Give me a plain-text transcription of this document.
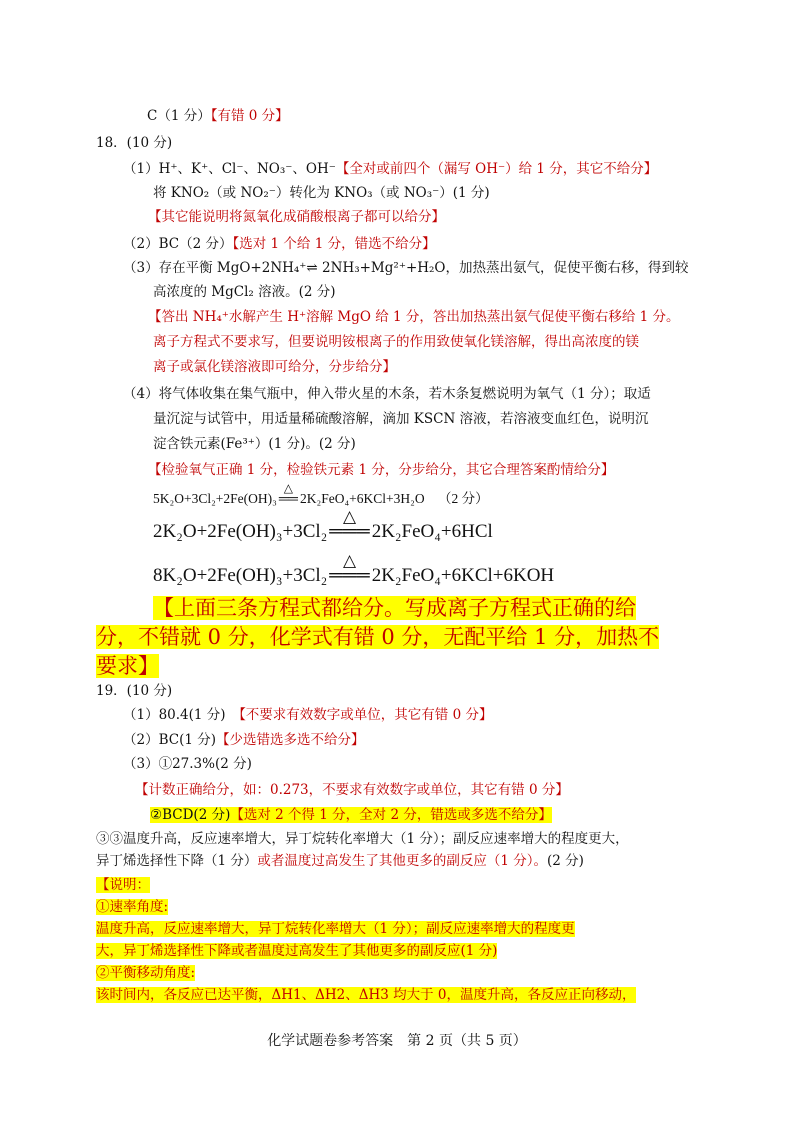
C（1 分）【有错 0 分】
18．(10 分)
（1）H⁺、K⁺、Cl⁻、NO₃⁻、OH⁻【全对或前四个（漏写 OH⁻）给 1 分，其它不给分】
将 KNO₂（或 NO₂⁻）转化为 KNO₃（或 NO₃⁻）(1 分)
【其它能说明将氮氧化成硝酸根离子都可以给分】
（2）BC（2 分）【选对 1 个给 1 分，错选不给分】
（3）存在平衡 MgO+2NH₄⁺⇌ 2NH₃+Mg²⁺+H₂O，加热蒸出氨气，促使平衡右移，得到较
高浓度的 MgCl₂ 溶液。(2 分)
【答出 NH₄⁺水解产生 H⁺溶解 MgO 给 1 分，答出加热蒸出氨气促使平衡右移给 1 分。
离子方程式不要求写，但要说明铵根离子的作用致使氧化镁溶解，得出高浓度的镁
离子或氯化镁溶液即可给分，分步给分】
（4）将气体收集在集气瓶中，伸入带火星的木条，若木条复燃说明为氧气（1 分）；取适
量沉淀与试管中，用适量稀硫酸溶解，滴加 KSCN 溶液，若溶液变血红色，说明沉
淀含铁元素(Fe³⁺）(1 分)。(2 分)
【检验氧气正确 1 分，检验铁元素 1 分，分步给分，其它合理答案酌情给分】
5K₂O+3Cl₂+2Fe(OH)₃
△
══ 2K₂FeO₄+6KCl+3H₂O （2 分）
2K₂O+2Fe(OH)₃+3Cl₂
△
═══ 2K₂FeO₄+6HCl
8K₂O+2Fe(OH)₃+3Cl₂
△
═══ 2K₂FeO₄+6KCl+6KOH
【上面三条方程式都给分。写成离子方程式正确的给
分，不错就 0 分，化学式有错 0 分，无配平给 1 分，加热不
要求】
19．(10 分)
（1）80.4(1 分)　 【不要求有效数字或单位，其它有错 0 分】
（2）BC(1 分)【少选错选多选不给分】
（3）①27.3%(2 分)
【计数正确给分，如：0.273，不要求有效数字或单位，其它有错 0 分】
②BCD(2 分)【选对 2 个得 1 分，全对 2 分，错选或多选不给分】
③③温度升高，反应速率增大，异丁烷转化率增大（1 分）；副反应速率增大的程度更大，
异丁烯选择性下降（1 分）或者温度过高发生了其他更多的副反应（1 分）。(2 分)
【说明：
①速率角度:
温度升高，反应速率增大，异丁烷转化率增大（1 分）；副反应速率增大的程度更
大，异丁烯选择性下降或者温度过高发生了其他更多的副反应(1 分)
②平衡移动角度:
该时间内，各反应已达平衡，ΔH1、ΔH2、ΔH3 均大于 0，温度升高，各反应正向移动，
化学试题卷参考答案　第 2 页（共 5 页）
